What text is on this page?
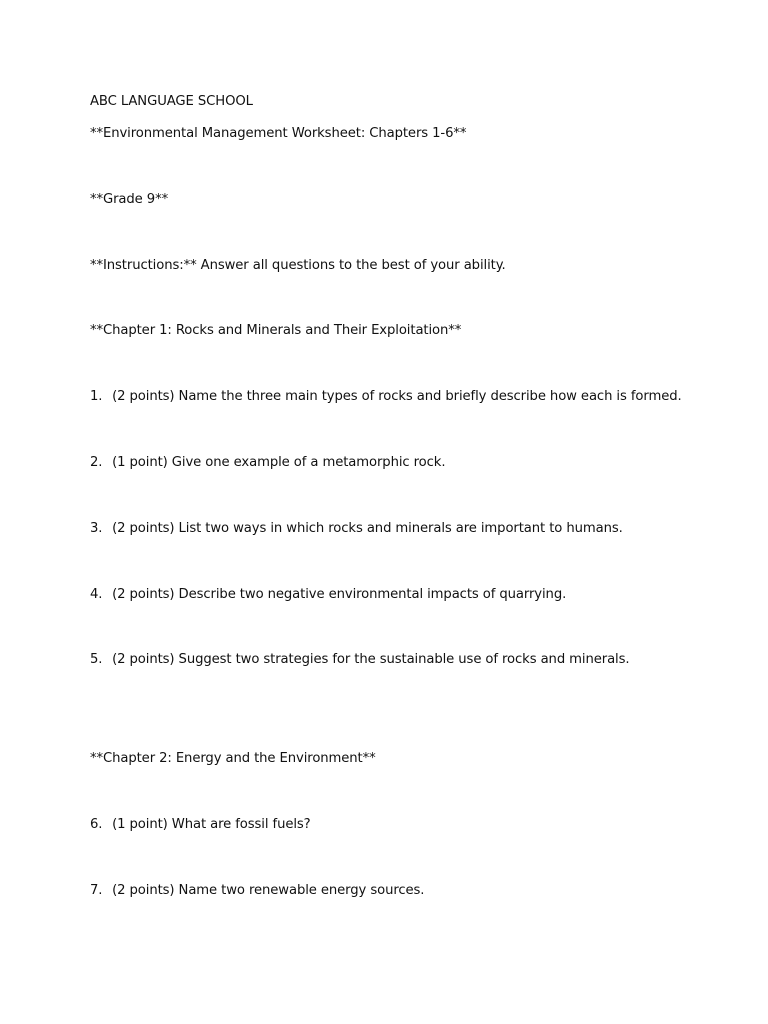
ABC LANGUAGE SCHOOL

**Environmental Management Worksheet: Chapters 1-6**

**Grade 9**

**Instructions:** Answer all questions to the best of your ability.

**Chapter 1: Rocks and Minerals and Their Exploitation**

1. (2 points) Name the three main types of rocks and briefly describe how each is formed.

2. (1 point) Give one example of a metamorphic rock.

3. (2 points) List two ways in which rocks and minerals are important to humans.

4. (2 points) Describe two negative environmental impacts of quarrying.

5. (2 points) Suggest two strategies for the sustainable use of rocks and minerals.

**Chapter 2: Energy and the Environment**

6. (1 point) What are fossil fuels?

7. (2 points) Name two renewable energy sources.
